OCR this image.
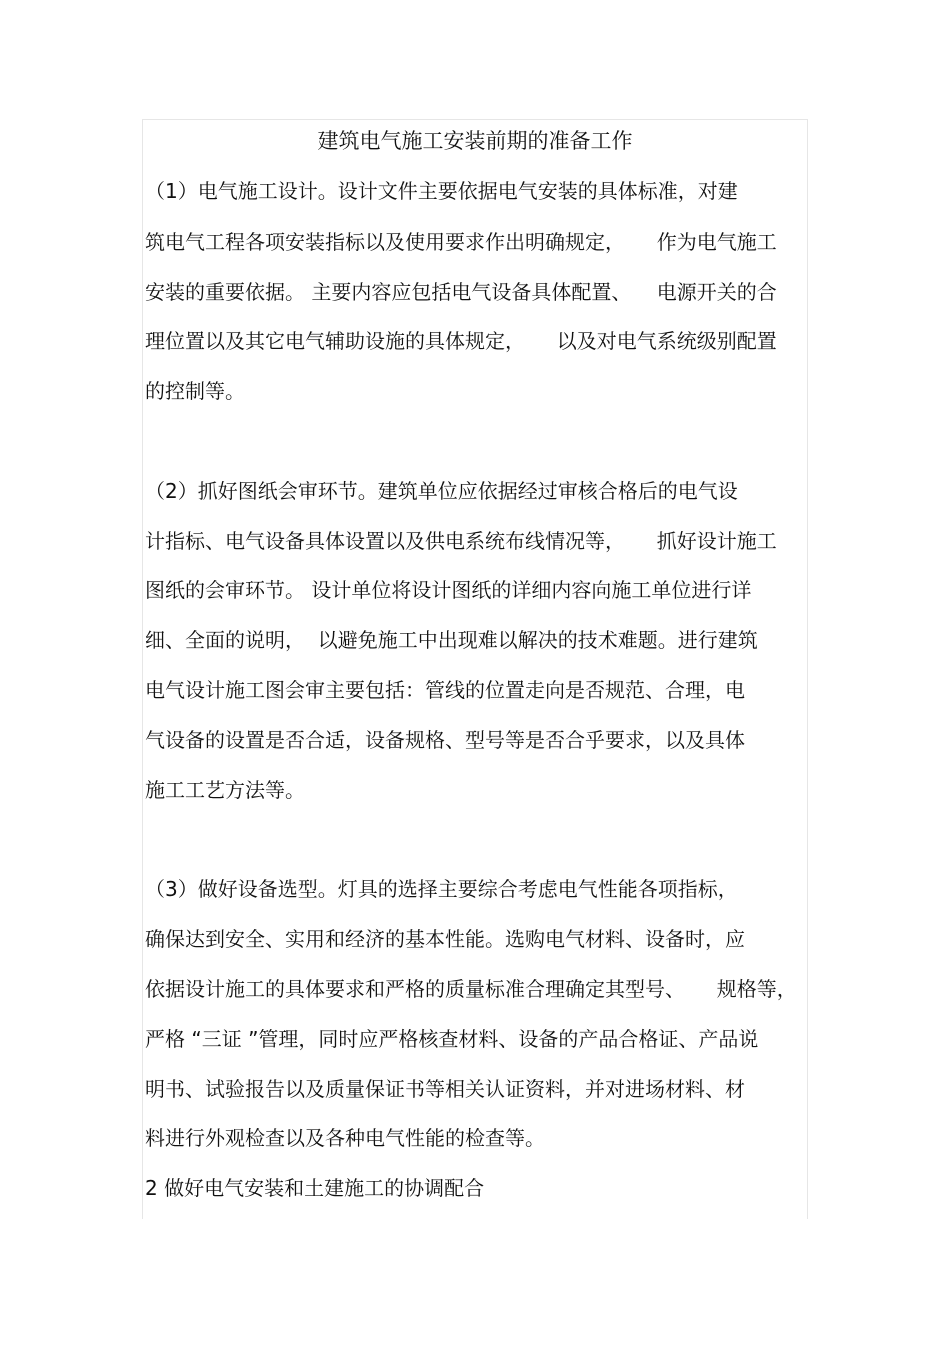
建筑电气施工安装前期的准备工作
（1）电气施工设计。设计文件主要依据电气安装的具体标准，对建
筑电气工程各项安装指标以及使用要求作出明确规定，     作为电气施工
安装的重要依据。 主要内容应包括电气设备具体配置、    电源开关的合
理位置以及其它电气辅助设施的具体规定，     以及对电气系统级别配置
的控制等。
（2）抓好图纸会审环节。建筑单位应依据经过审核合格后的电气设
计指标、电气设备具体设置以及供电系统布线情况等，     抓好设计施工
图纸的会审环节。 设计单位将设计图纸的详细内容向施工单位进行详
细、全面的说明，  以避免施工中出现难以解决的技术难题。进行建筑
电气设计施工图会审主要包括：管线的位置走向是否规范、合理，电
气设备的设置是否合适，设备规格、型号等是否合乎要求，以及具体
施工工艺方法等。
（3）做好设备选型。灯具的选择主要综合考虑电气性能各项指标，
确保达到安全、实用和经济的基本性能。选购电气材料、设备时，应
依据设计施工的具体要求和严格的质量标准合理确定其型号、     规格等，
严格 “三证 ”管理，同时应严格核查材料、设备的产品合格证、产品说
明书、试验报告以及质量保证书等相关认证资料，并对进场材料、材
料进行外观检查以及各种电气性能的检查等。
2 做好电气安装和土建施工的协调配合
